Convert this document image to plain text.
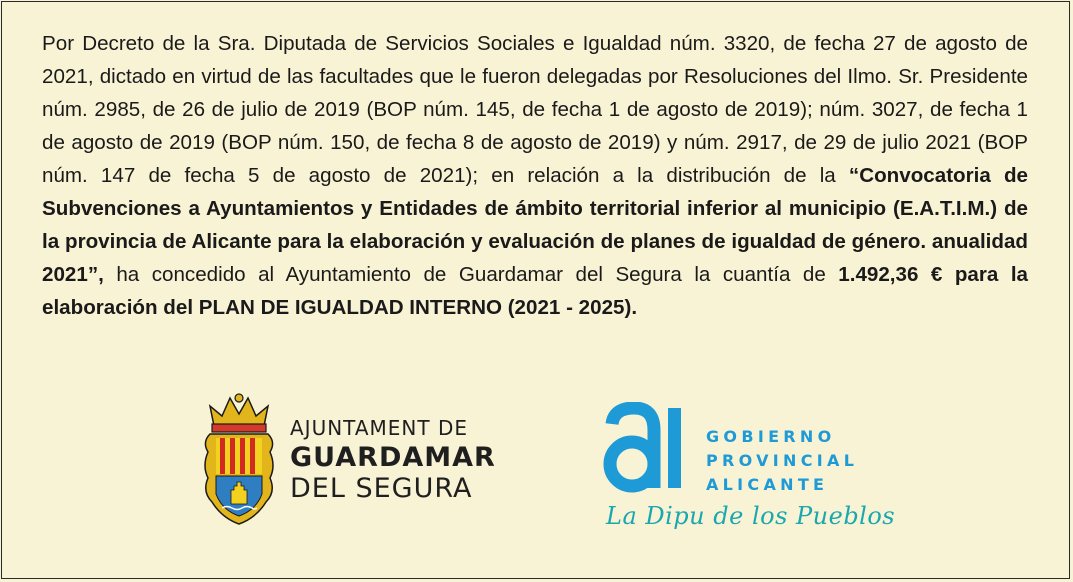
Por Decreto de la Sra. Diputada de Servicios Sociales e Igualdad núm. 3320, de fecha 27 de agosto de 2021, dictado en virtud de las facultades que le fueron delegadas por Resoluciones del Ilmo. Sr. Presidente núm. 2985, de 26 de julio de 2019 (BOP núm. 145, de fecha 1 de agosto de 2019); núm. 3027, de fecha 1 de agosto de 2019 (BOP núm. 150, de fecha 8 de agosto de 2019) y núm. 2917, de 29 de julio 2021 (BOP núm. 147 de fecha 5 de agosto de 2021); en relación a la distribución de la “Convocatoria de Subvenciones a Ayuntamientos y Entidades de ámbito territorial inferior al municipio (E.A.T.I.M.) de la provincia de Alicante para la elaboración y evaluación de planes de igualdad de género. anualidad 2021”, ha concedido al Ayuntamiento de Guardamar del Segura la cuantía de 1.492,36 € para la elaboración del PLAN DE IGUALDAD INTERNO (2021 - 2025).

AJUNTAMENT DE
GUARDAMAR
DEL SEGURA
GOBIERNO
PROVINCIAL
ALICANTE
La Dipu de los Pueblos
